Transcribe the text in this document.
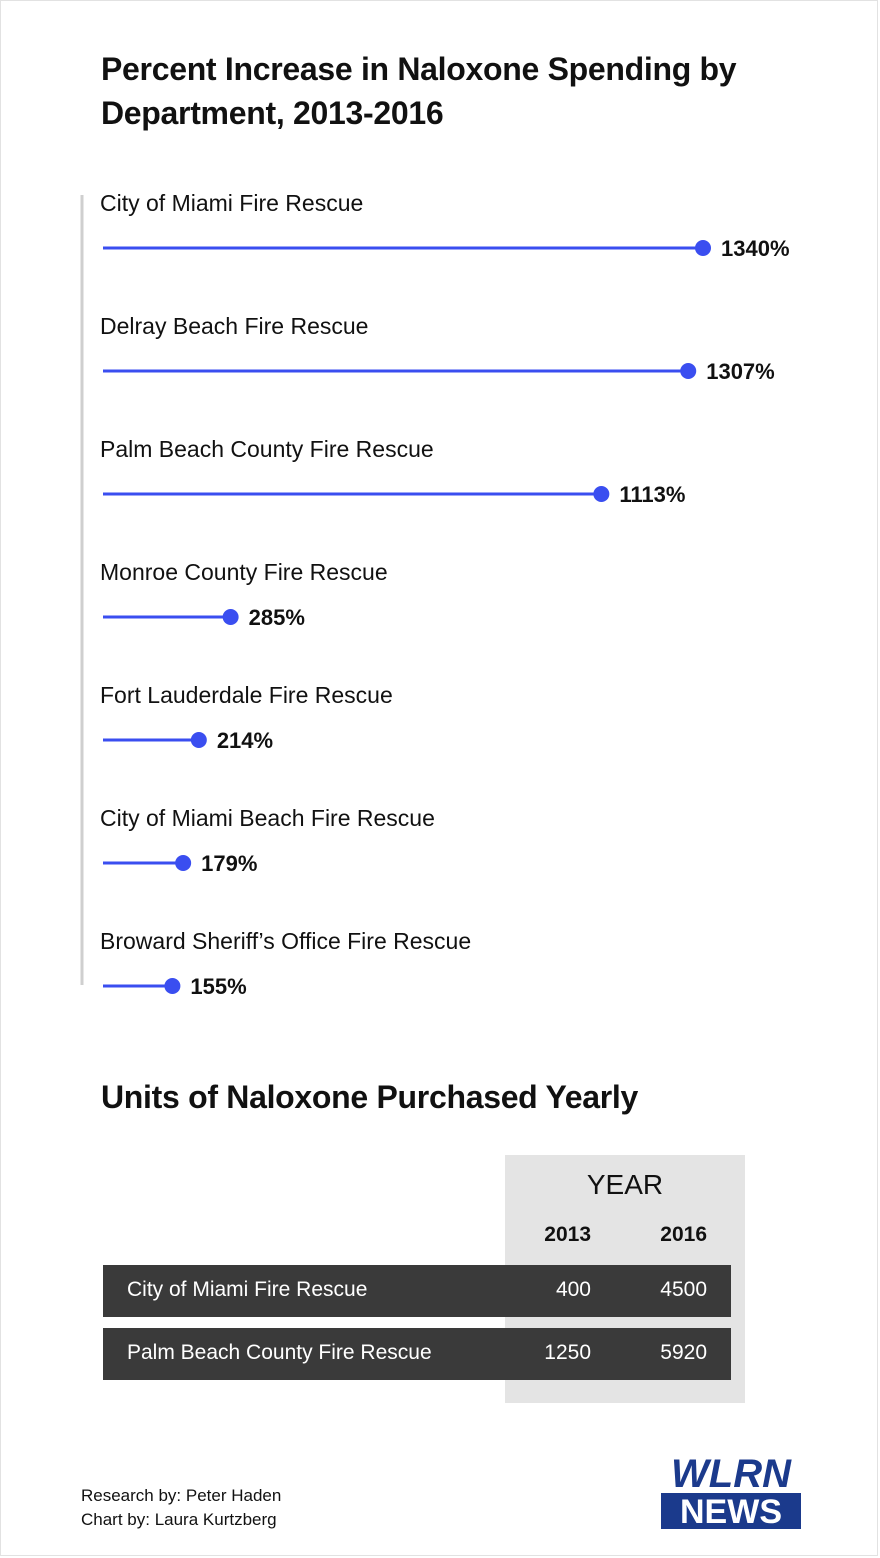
Percent Increase in Naloxone Spending by Department, 2013-2016
City of Miami Fire Rescue
1340%
Delray Beach Fire Rescue
1307%
Palm Beach County Fire Rescue
1113%
Monroe County Fire Rescue
285%
Fort Lauderdale Fire Rescue
214%
City of Miami Beach Fire Rescue
179%
Broward Sheriff’s Office Fire Rescue
155%
Units of Naloxone Purchased Yearly
YEAR
2013	2016
City of Miami Fire Rescue	400	4500
Palm Beach County Fire Rescue	1250	5920
Research by: Peter Haden
Chart by: Laura Kurtzberg
WLRN
NEWS
